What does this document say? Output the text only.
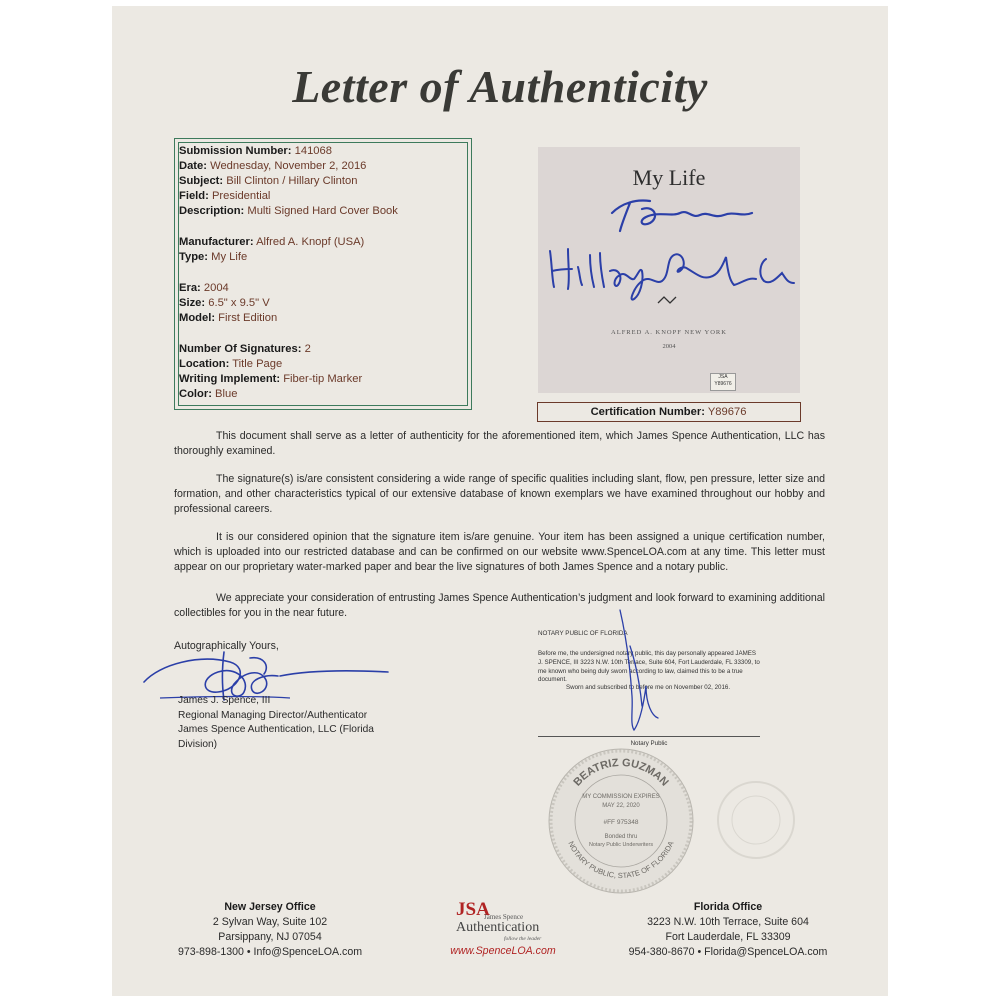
Letter of Authenticity
Submission Number: 141068
Date: Wednesday, November 2, 2016
Subject: Bill Clinton / Hillary Clinton
Field: Presidential
Description: Multi Signed Hard Cover Book
Manufacturer: Alfred A. Knopf (USA)
Type: My Life
Era: 2004
Size: 6.5" x 9.5" V
Model: First Edition
Number Of Signatures: 2
Location: Title Page
Writing Implement: Fiber-tip Marker
Color: Blue
My Life
ALFRED A. KNOPF NEW YORK
2004
JSA
Y89676
Certification Number: Y89676
This document shall serve as a letter of authenticity for the aforementioned item, which James Spence Authentication, LLC has thoroughly examined.
The signature(s) is/are consistent considering a wide range of specific qualities including slant, flow, pen pressure, letter size and formation, and other characteristics typical of our extensive database of known exemplars we have examined throughout our hobby and professional careers.
It is our considered opinion that the signature item is/are genuine. Your item has been assigned a unique certification number, which is uploaded into our restricted database and can be confirmed on our website www.SpenceLOA.com at any time. This letter must appear on our proprietary water-marked paper and bear the live signatures of both James Spence and a notary public.
We appreciate your consideration of entrusting James Spence Authentication’s judgment and look forward to examining additional collectibles for you in the near future.
Autographically Yours,
James J. Spence, III
Regional Managing Director/Authenticator
James Spence Authentication, LLC (Florida
Division)
NOTARY PUBLIC OF FLORIDA
Before me, the undersigned notary public, this day personally appeared JAMES J. SPENCE, III 3223 N.W. 10th Terrace, Suite 604, Fort Lauderdale, FL 33309, to me known who being duly sworn according to law, claimed this to be a true document.
Sworn and subscribed to before me on November 02, 2016.
Notary Public
BEATRIZ GUZMAN
NOTARY PUBLIC, STATE OF FLORIDA
MY COMMISSION EXPIRES
MAY 22, 2020
#FF 975348
Bonded thru
Notary Public Underwriters
New Jersey Office
2 Sylvan Way, Suite 102
Parsippany, NJ 07054
973-898-1300 • Info@SpenceLOA.com
JSA
James Spence
Authentication
follow the leader
www.SpenceLOA.com
Florida Office
3223 N.W. 10th Terrace, Suite 604
Fort Lauderdale, FL 33309
954-380-8670 • Florida@SpenceLOA.com
